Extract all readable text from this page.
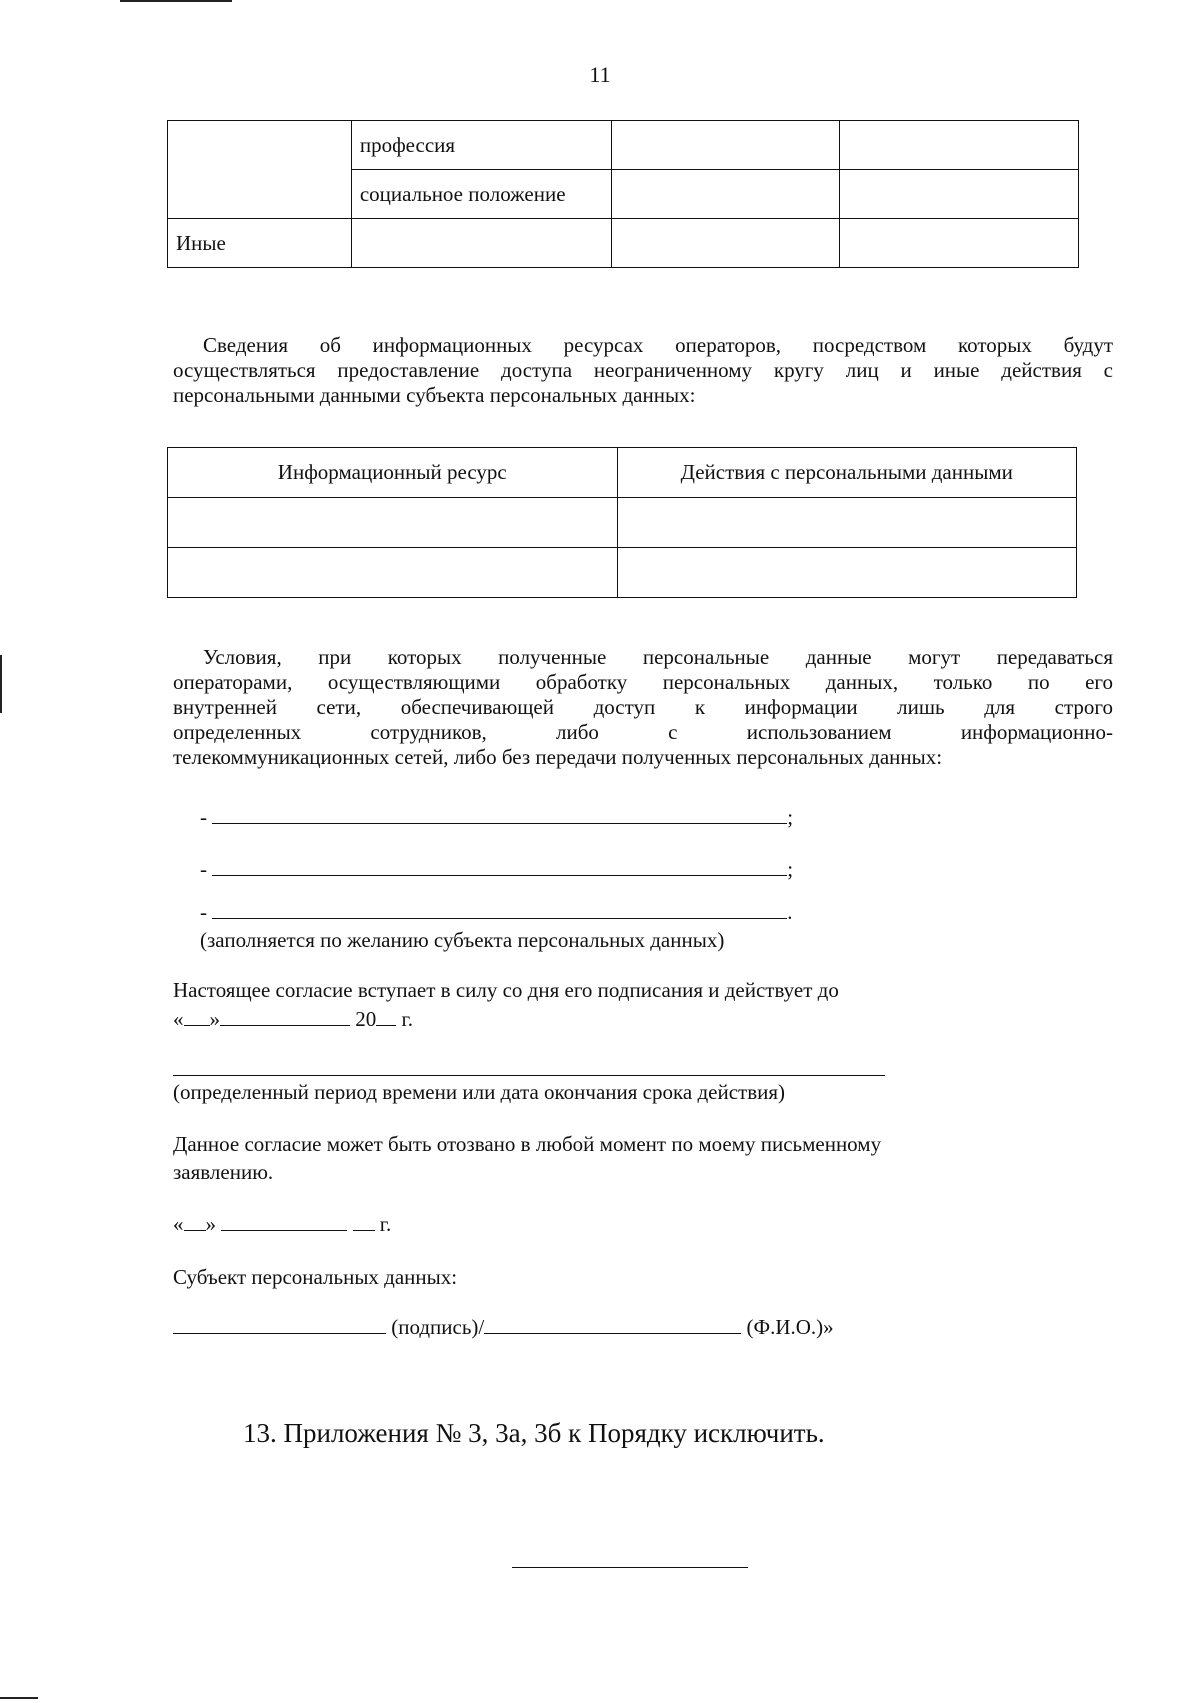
11
	профессия		
	социальное положение		
Иные			
Сведения об информационных ресурсах операторов, посредством которых будут
осуществляться предоставление доступа неограниченному кругу лиц и иные действия с
персональными данными субъекта персональных данных:
Информационный ресурс	Действия с персональными данными

Условия, при которых полученные персональные данные могут передаваться
операторами, осуществляющими обработку персональных данных, только по его
внутренней сети, обеспечивающей доступ к информации лишь для строго
определенных сотрудников, либо с использованием информационно-
телекоммуникационных сетей, либо без передачи полученных персональных данных:
-	;
-	;
-	.
(заполняется по желанию субъекта персональных данных)
Настоящее согласие вступает в силу со дня его подписания и действует до
« »	20 г.
(определенный период времени или дата окончания срока действия)
Данное согласие может быть отозвано в любой момент по моему письменному
заявлению.
« »	г.
Субъект персональных данных:
(подпись)/	(Ф.И.О.)»
13. Приложения № 3, 3а, 3б к Порядку исключить.
